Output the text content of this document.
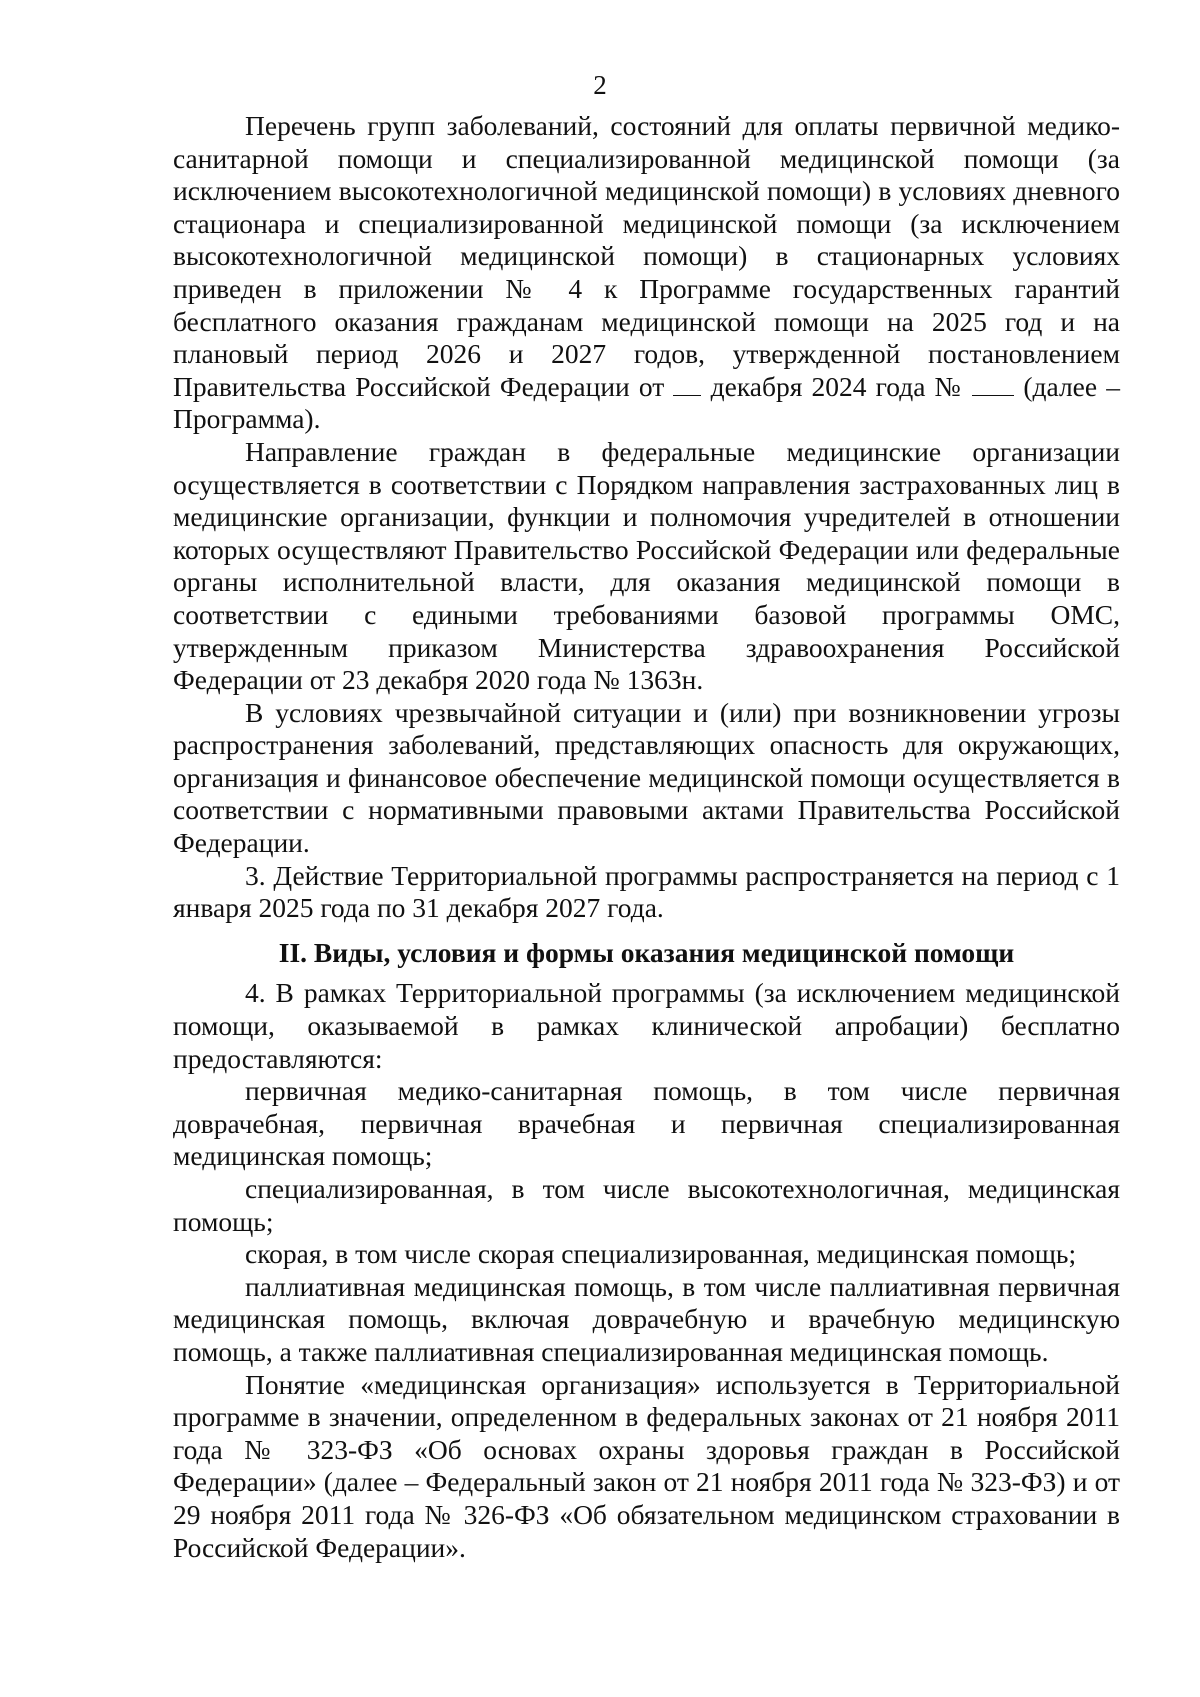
2

Перечень групп заболеваний, состояний для оплаты первичной медико-санитарной помощи и специализированной медицинской помощи (за исключением высокотехнологичной медицинской помощи) в условиях дневного стационара и специализированной медицинской помощи (за исключением высокотехнологичной медицинской помощи) в стационарных условиях приведен в приложении № 4 к Программе государственных гарантий бесплатного оказания гражданам медицинской помощи на 2025 год и на плановый период 2026 и 2027 годов, утвержденной постановлением Правительства Российской Федерации от  декабря 2024 года №  (далее – Программа).

Направление граждан в федеральные медицинские организации осуществляется в соответствии с Порядком направления застрахованных лиц в медицинские организации, функции и полномочия учредителей в отношении которых осуществляют Правительство Российской Федерации или федеральные органы исполнительной власти, для оказания медицинской помощи в соответствии с едиными требованиями базовой программы ОМС, утвержденным приказом Министерства здравоохранения Российской Федерации от 23 декабря 2020 года № 1363н.

В условиях чрезвычайной ситуации и (или) при возникновении угрозы распространения заболеваний, представляющих опасность для окружающих, организация и финансовое обеспечение медицинской помощи осуществляется в соответствии с нормативными правовыми актами Правительства Российской Федерации.

3. Действие Территориальной программы распространяется на период с 1 января 2025 года по 31 декабря 2027 года.

II. Виды, условия и формы оказания медицинской помощи

4. В рамках Территориальной программы (за исключением медицинской помощи, оказываемой в рамках клинической апробации) бесплатно предоставляются:

первичная медико-санитарная помощь, в том числе первичная доврачебная, первичная врачебная и первичная специализированная медицинская помощь;

специализированная, в том числе высокотехнологичная, медицинская помощь;

скорая, в том числе скорая специализированная, медицинская помощь;

паллиативная медицинская помощь, в том числе паллиативная первичная медицинская помощь, включая доврачебную и врачебную медицинскую помощь, а также паллиативная специализированная медицинская помощь.

Понятие «медицинская организация» используется в Территориальной программе в значении, определенном в федеральных законах от 21 ноября 2011 года № 323-ФЗ «Об основах охраны здоровья граждан в Российской Федерации» (далее – Федеральный закон от 21 ноября 2011 года № 323-ФЗ) и от 29 ноября 2011 года № 326-ФЗ «Об обязательном медицинском страховании в Российской Федерации».
